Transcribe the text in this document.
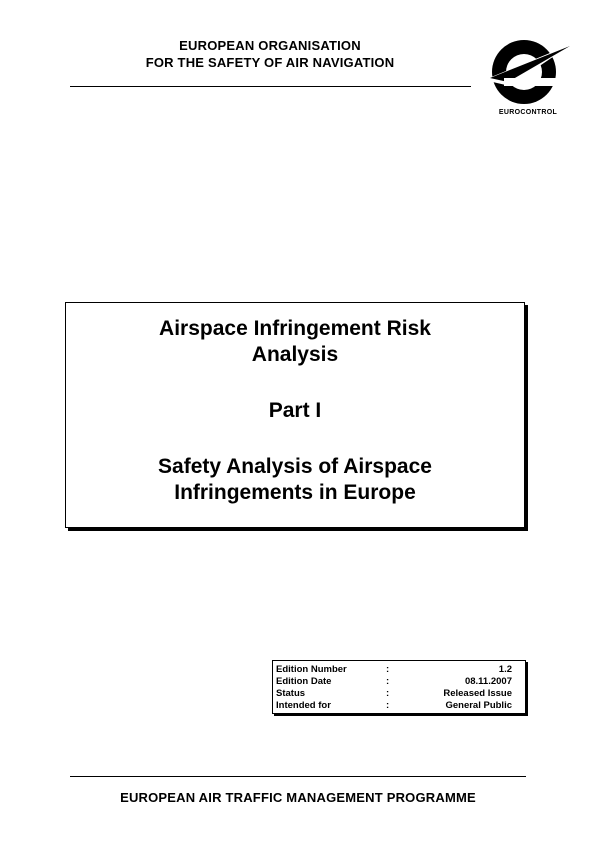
EUROPEAN ORGANISATION
FOR THE SAFETY OF AIR NAVIGATION
EUROCONTROL
Airspace Infringement Risk
Analysis
Part I
Safety Analysis of Airspace
Infringements in Europe
Edition Number	:	1.2
Edition Date	:	08.11.2007
Status	:	Released Issue
Intended for	:	General Public
EUROPEAN AIR TRAFFIC MANAGEMENT PROGRAMME
